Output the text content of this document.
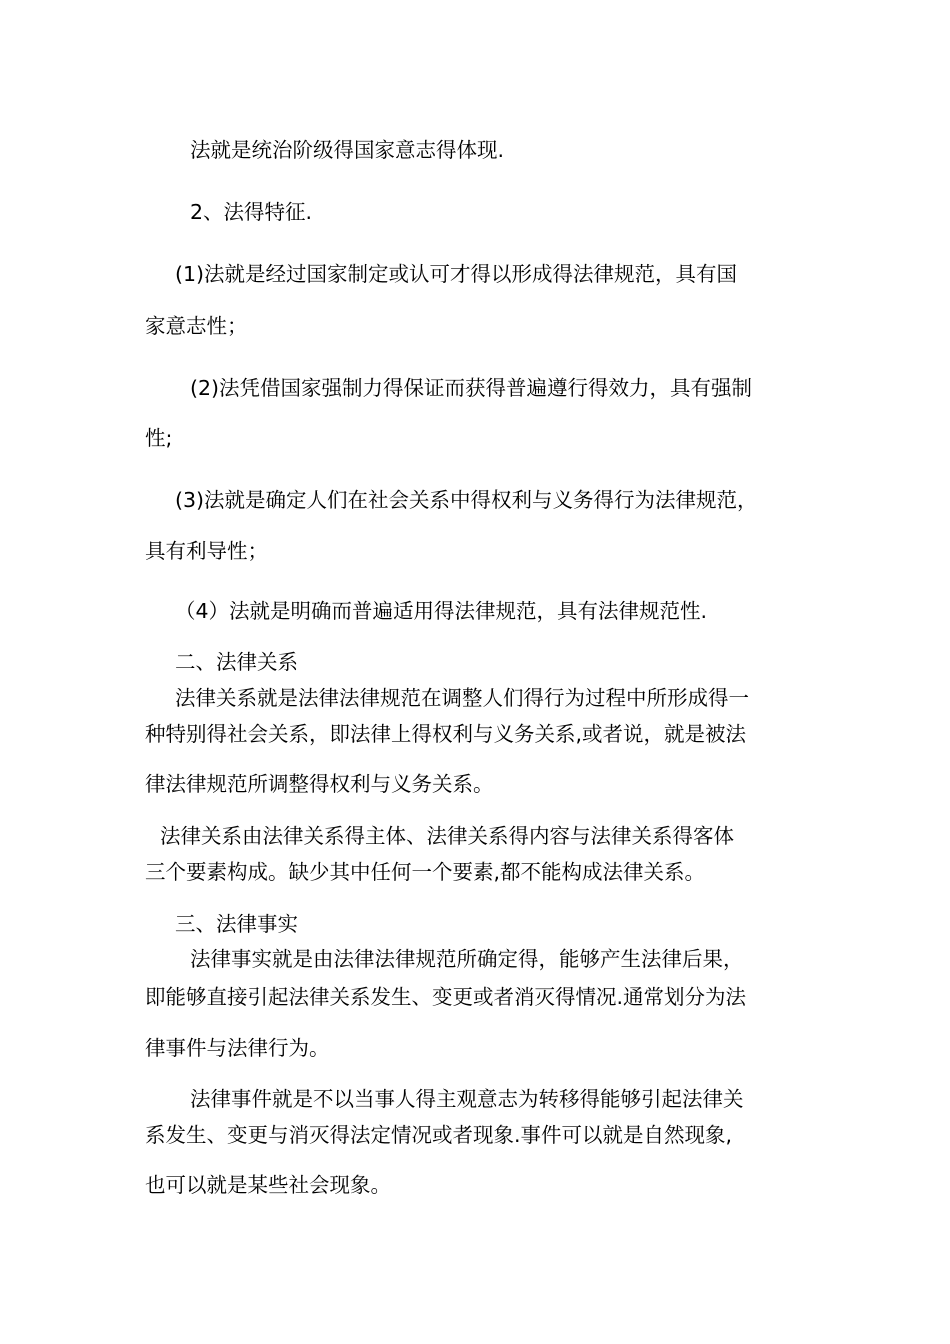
法就是统治阶级得国家意志得体现.
2、法得特征.
(1)法就是经过国家制定或认可才得以形成得法律规范，具有国
家意志性；
(2)法凭借国家强制力得保证而获得普遍遵行得效力，具有强制
性;
(3)法就是确定人们在社会关系中得权利与义务得行为法律规范，
具有利导性；
（4）法就是明确而普遍适用得法律规范，具有法律规范性.
二、法律关系
法律关系就是法律法律规范在调整人们得行为过程中所形成得一
种特别得社会关系，即法律上得权利与义务关系,或者说，就是被法
律法律规范所调整得权利与义务关系。
法律关系由法律关系得主体、法律关系得内容与法律关系得客体
三个要素构成。缺少其中任何一个要素,都不能构成法律关系。
三、法律事实
法律事实就是由法律法律规范所确定得，能够产生法律后果，
即能够直接引起法律关系发生、变更或者消灭得情况.通常划分为法
律事件与法律行为。
法律事件就是不以当事人得主观意志为转移得能够引起法律关
系发生、变更与消灭得法定情况或者现象.事件可以就是自然现象,
也可以就是某些社会现象。
